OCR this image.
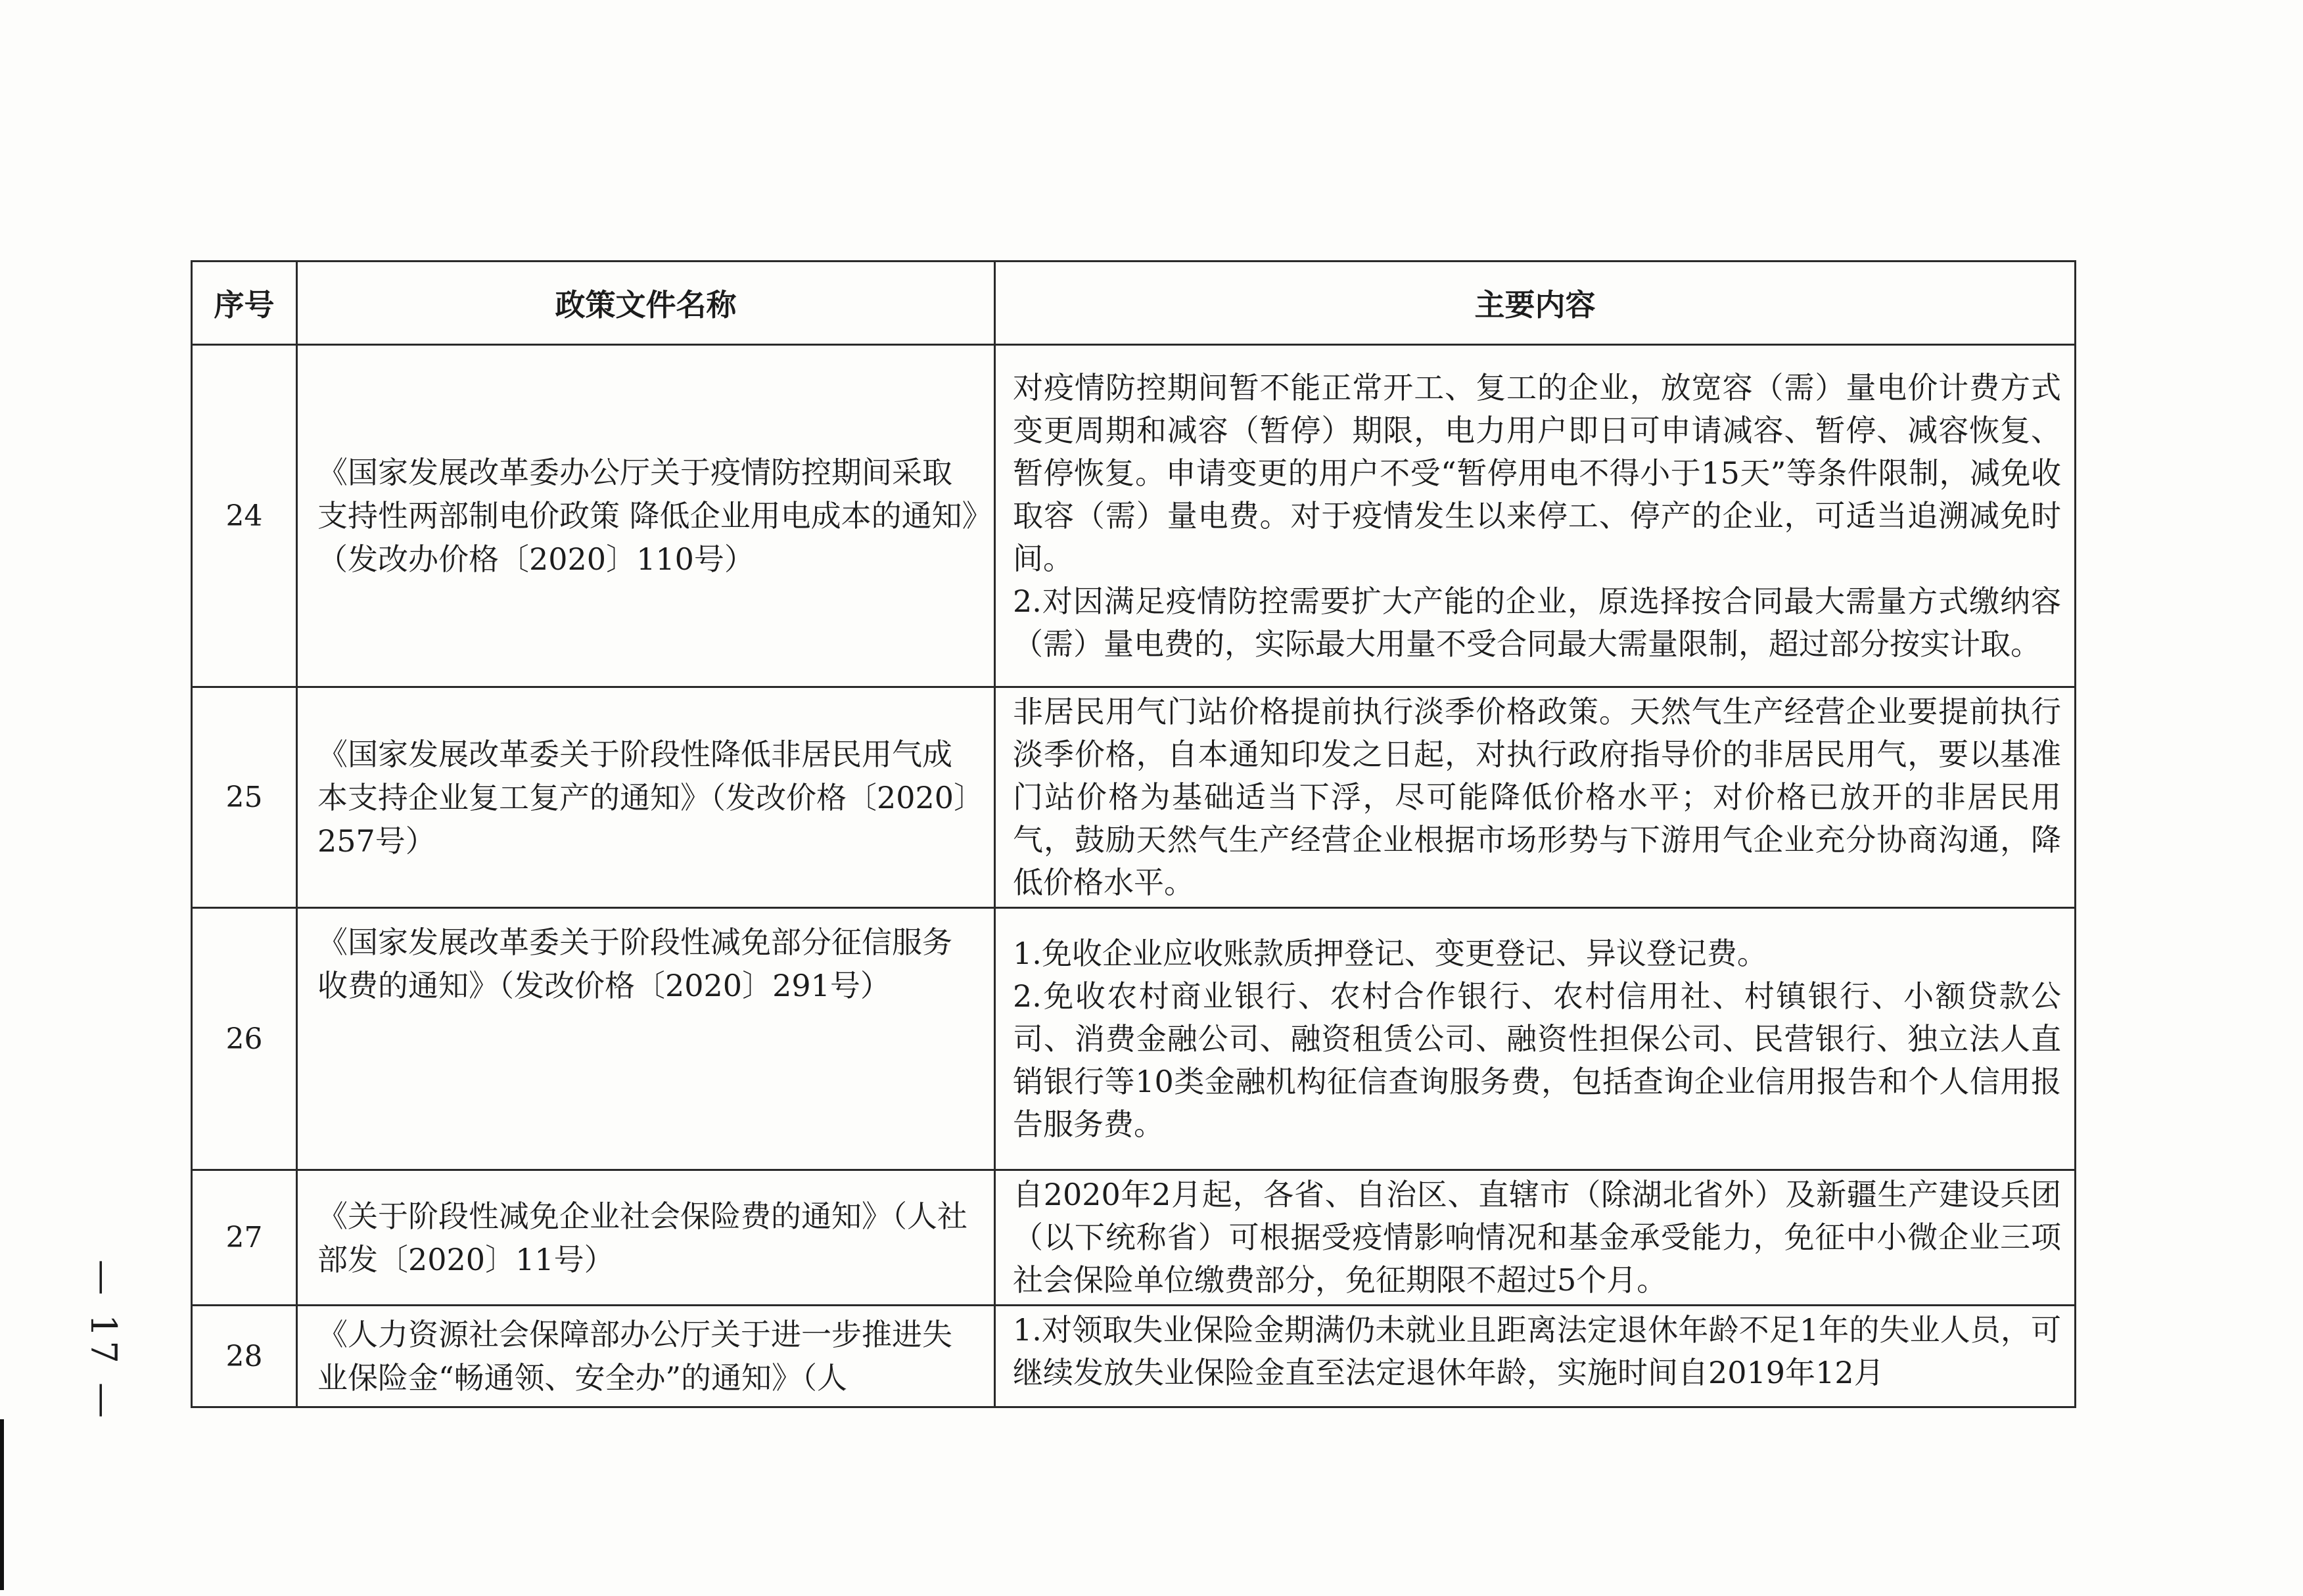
序号	政策文件名称	主要内容
24	《国家发展改革委办公厅关于疫情防控期间采取支持性两部制电价政策 降低企业用电成本的通知》（发改办价格〔2020〕110号）	对疫情防控期间暂不能正常开工、复工的企业，放宽容（需）量电价计费方式变更周期和减容（暂停）期限，电力用户即日可申请减容、暂停、减容恢复、暂停恢复。申请变更的用户不受“暂停用电不得小于15天”等条件限制，减免收取容（需）量电费。对于疫情发生以来停工、停产的企业，可适当追溯减免时间。

2.对因满足疫情防控需要扩大产能的企业，原选择按合同最大需量方式缴纳容（需）量电费的，实际最大用量不受合同最大需量限制，超过部分按实计取。

25	《国家发展改革委关于阶段性降低非居民用气成本支持企业复工复产的通知》（发改价格〔2020〕257号）	非居民用气门站价格提前执行淡季价格政策。天然气生产经营企业要提前执行淡季价格，自本通知印发之日起，对执行政府指导价的非居民用气，要以基准门站价格为基础适当下浮，尽可能降低价格水平；对价格已放开的非居民用气，鼓励天然气生产经营企业根据市场形势与下游用气企业充分协商沟通，降低价格水平。

26	《国家发展改革委关于阶段性减免部分征信服务收费的通知》（发改价格〔2020〕291号）	1.免收企业应收账款质押登记、变更登记、异议登记费。

2.免收农村商业银行、农村合作银行、农村信用社、村镇银行、小额贷款公司、消费金融公司、融资租赁公司、融资性担保公司、民营银行、独立法人直销银行等10类金融机构征信查询服务费，包括查询企业信用报告和个人信用报告服务费。

27	《关于阶段性减免企业社会保险费的通知》（人社部发〔2020〕11号）	自2020年2月起，各省、自治区、直辖市（除湖北省外）及新疆生产建设兵团（以下统称省）可根据受疫情影响情况和基金承受能力，免征中小微企业三项社会保险单位缴费部分，免征期限不超过5个月。

28	《人力资源社会保障部办公厅关于进一步推进失业保险金“畅通领、安全办”的通知》（人	1.对领取失业保险金期满仍未就业且距离法定退休年龄不足1年的失业人员，可继续发放失业保险金直至法定退休年龄，实施时间自2019年12月

— 17 —
